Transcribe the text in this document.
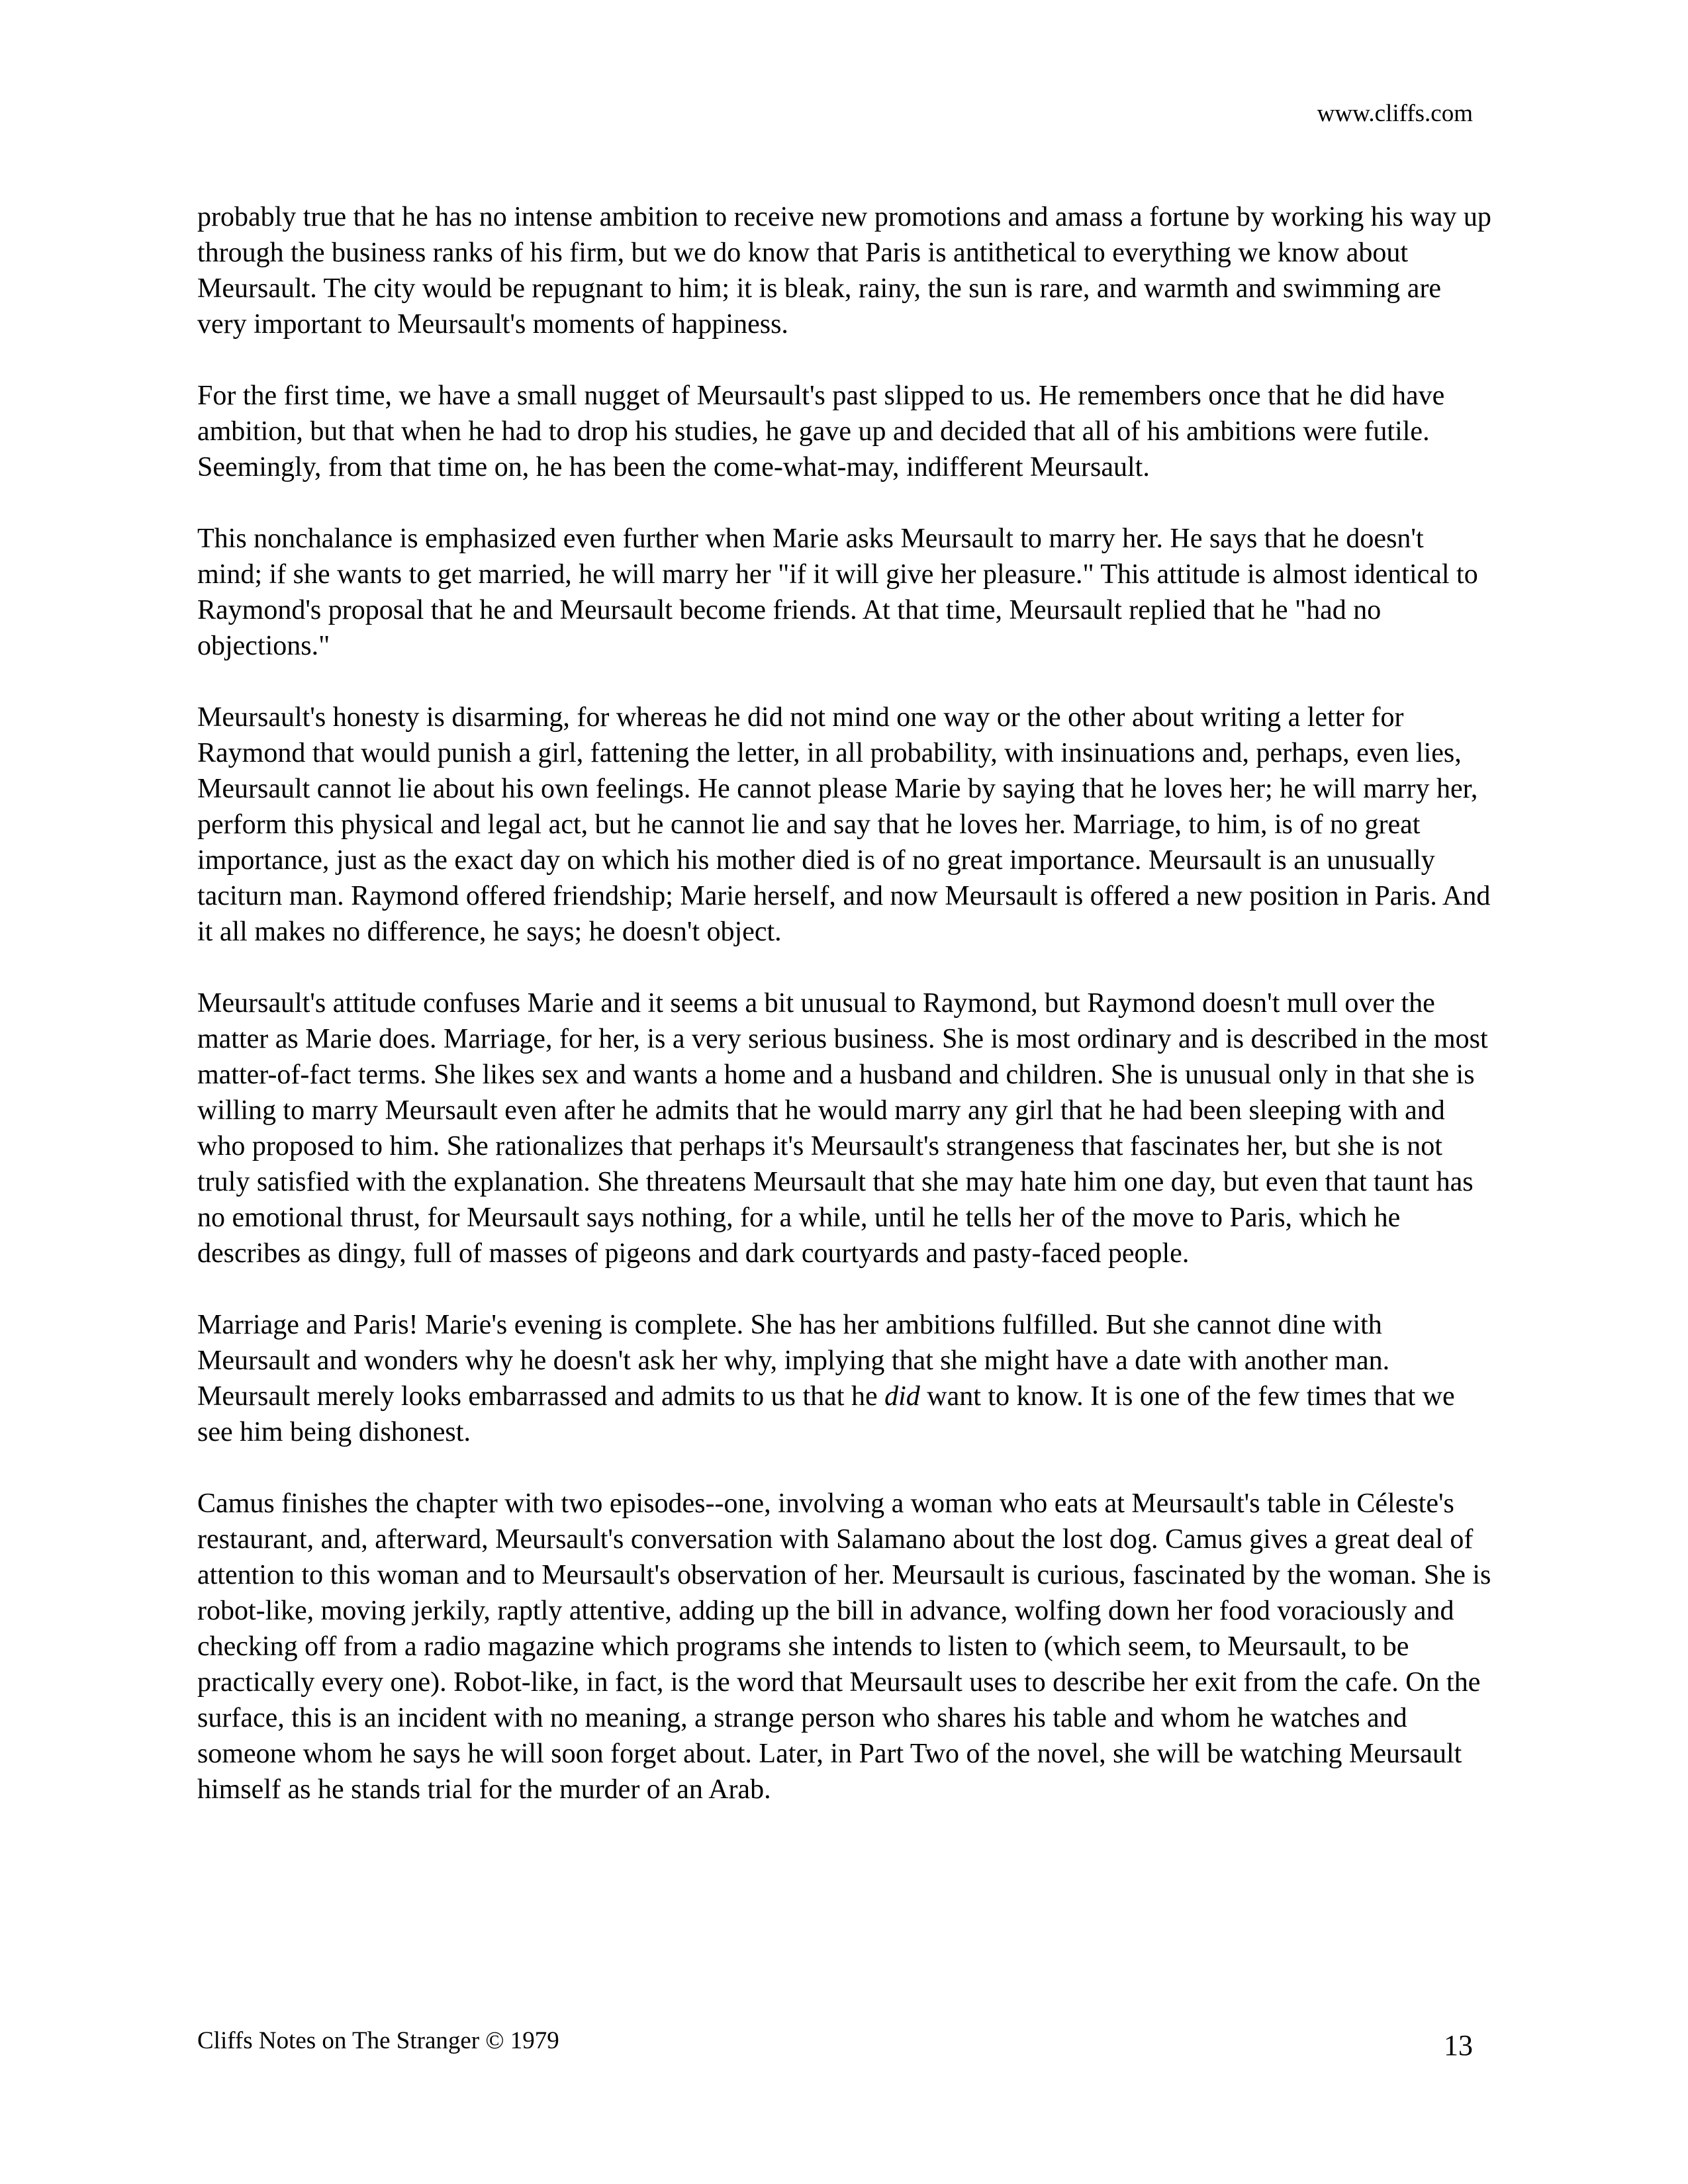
www.cliffs.com

probably true that he has no intense ambition to receive new promotions and amass a fortune by working his way up through the business ranks of his firm, but we do know that Paris is antithetical to everything we know about Meursault. The city would be repugnant to him; it is bleak, rainy, the sun is rare, and warmth and swimming are very important to Meursault's moments of happiness.

For the first time, we have a small nugget of Meursault's past slipped to us. He remembers once that he did have ambition, but that when he had to drop his studies, he gave up and decided that all of his ambitions were futile. Seemingly, from that time on, he has been the come-what-may, indifferent Meursault.

This nonchalance is emphasized even further when Marie asks Meursault to marry her. He says that he doesn't mind; if she wants to get married, he will marry her "if it will give her pleasure." This attitude is almost identical to Raymond's proposal that he and Meursault become friends. At that time, Meursault replied that he "had no objections."

Meursault's honesty is disarming, for whereas he did not mind one way or the other about writing a letter for Raymond that would punish a girl, fattening the letter, in all probability, with insinuations and, perhaps, even lies, Meursault cannot lie about his own feelings. He cannot please Marie by saying that he loves her; he will marry her, perform this physical and legal act, but he cannot lie and say that he loves her. Marriage, to him, is of no great importance, just as the exact day on which his mother died is of no great importance. Meursault is an unusually taciturn man. Raymond offered friendship; Marie herself, and now Meursault is offered a new position in Paris. And it all makes no difference, he says; he doesn't object.

Meursault's attitude confuses Marie and it seems a bit unusual to Raymond, but Raymond doesn't mull over the matter as Marie does. Marriage, for her, is a very serious business. She is most ordinary and is described in the most matter-of-fact terms. She likes sex and wants a home and a husband and children. She is unusual only in that she is willing to marry Meursault even after he admits that he would marry any girl that he had been sleeping with and who proposed to him. She rationalizes that perhaps it's Meursault's strangeness that fascinates her, but she is not truly satisfied with the explanation. She threatens Meursault that she may hate him one day, but even that taunt has no emotional thrust, for Meursault says nothing, for a while, until he tells her of the move to Paris, which he describes as dingy, full of masses of pigeons and dark courtyards and pasty-faced people.

Marriage and Paris! Marie's evening is complete. She has her ambitions fulfilled. But she cannot dine with Meursault and wonders why he doesn't ask her why, implying that she might have a date with another man. Meursault merely looks embarrassed and admits to us that he did want to know. It is one of the few times that we see him being dishonest.

Camus finishes the chapter with two episodes--one, involving a woman who eats at Meursault's table in Céleste's restaurant, and, afterward, Meursault's conversation with Salamano about the lost dog. Camus gives a great deal of attention to this woman and to Meursault's observation of her. Meursault is curious, fascinated by the woman. She is robot-like, moving jerkily, raptly attentive, adding up the bill in advance, wolfing down her food voraciously and checking off from a radio magazine which programs she intends to listen to (which seem, to Meursault, to be practically every one). Robot-like, in fact, is the word that Meursault uses to describe her exit from the cafe. On the surface, this is an incident with no meaning, a strange person who shares his table and whom he watches and someone whom he says he will soon forget about. Later, in Part Two of the novel, she will be watching Meursault himself as he stands trial for the murder of an Arab.

Cliffs Notes on The Stranger © 1979	13
